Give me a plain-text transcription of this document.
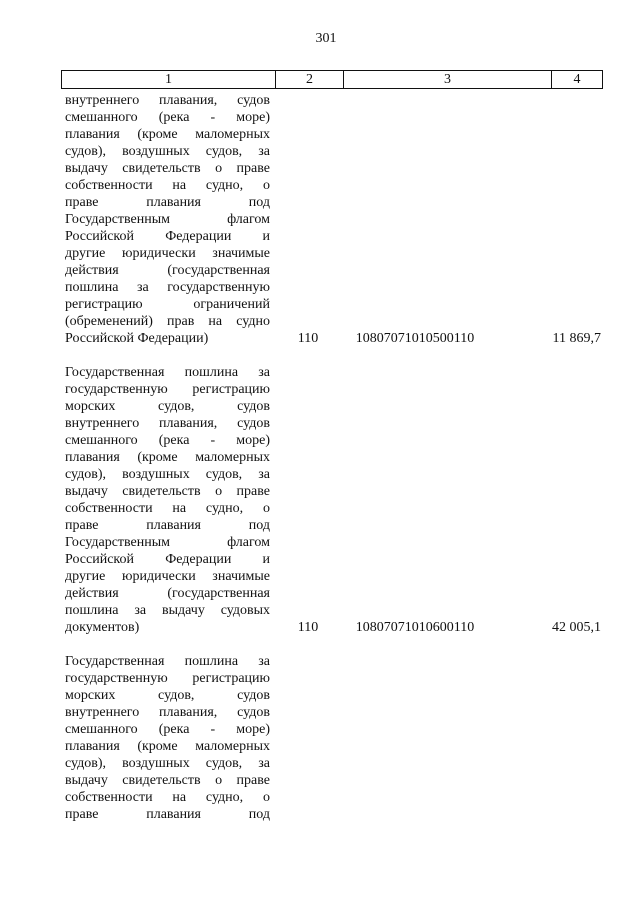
301
1	2	3	4
внутреннего плавания, судов
смешанного (река - море)
плавания (кроме маломерных
судов), воздушных судов, за
выдачу свидетельств о праве
собственности на судно, о
праве плавания под
Государственным флагом
Российской Федерации и
другие юридически значимые
действия (государственная
пошлина за государственную
регистрацию ограничений
(обременений) прав на судно
Российской Федерации)	110	10807071010500110	11 869,7
Государственная пошлина за
государственную регистрацию
морских судов, судов
внутреннего плавания, судов
смешанного (река - море)
плавания (кроме маломерных
судов), воздушных судов, за
выдачу свидетельств о праве
собственности на судно, о
праве плавания под
Государственным флагом
Российской Федерации и
другие юридически значимые
действия (государственная
пошлина за выдачу судовых
документов)	110	10807071010600110	42 005,1
Государственная пошлина за
государственную регистрацию
морских судов, судов
внутреннего плавания, судов
смешанного (река - море)
плавания (кроме маломерных
судов), воздушных судов, за
выдачу свидетельств о праве
собственности на судно, о
праве плавания под
